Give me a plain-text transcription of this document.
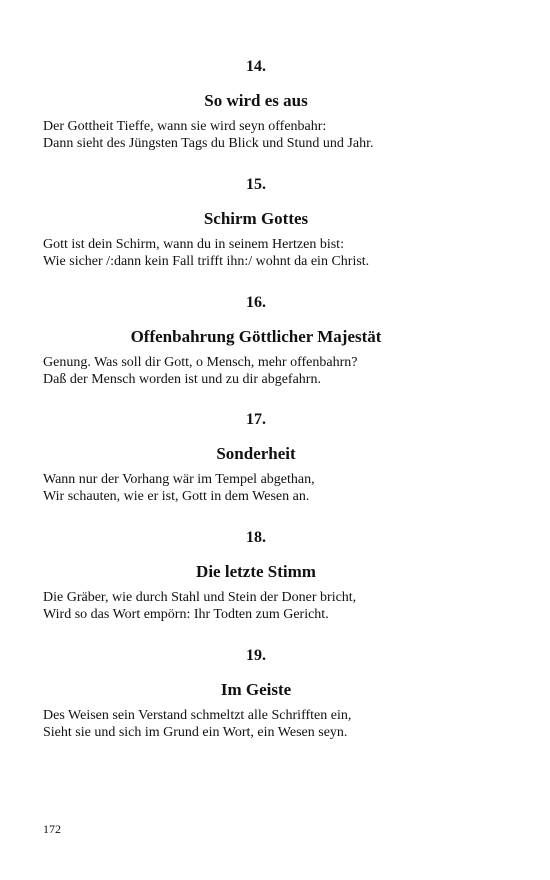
14.
So wird es aus
Der Gottheit Tieffe, wann sie wird seyn offenbahr:
Dann sieht des Jüngsten Tags du Blick und Stund und Jahr.
15.
Schirm Gottes
Gott ist dein Schirm, wann du in seinem Hertzen bist:
Wie sicher /:dann kein Fall trifft ihn:/ wohnt da ein Christ.
16.
Offenbahrung Göttlicher Majestät
Genung. Was soll dir Gott, o Mensch, mehr offenbahrn?
Daß der Mensch worden ist und zu dir abgefahrn.
17.
Sonderheit
Wann nur der Vorhang wär im Tempel abgethan,
Wir schauten, wie er ist, Gott in dem Wesen an.
18.
Die letzte Stimm
Die Gräber, wie durch Stahl und Stein der Doner bricht,
Wird so das Wort empörn: Ihr Todten zum Gericht.
19.
Im Geiste
Des Weisen sein Verstand schmeltzt alle Schrifften ein,
Sieht sie und sich im Grund ein Wort, ein Wesen seyn.
172
